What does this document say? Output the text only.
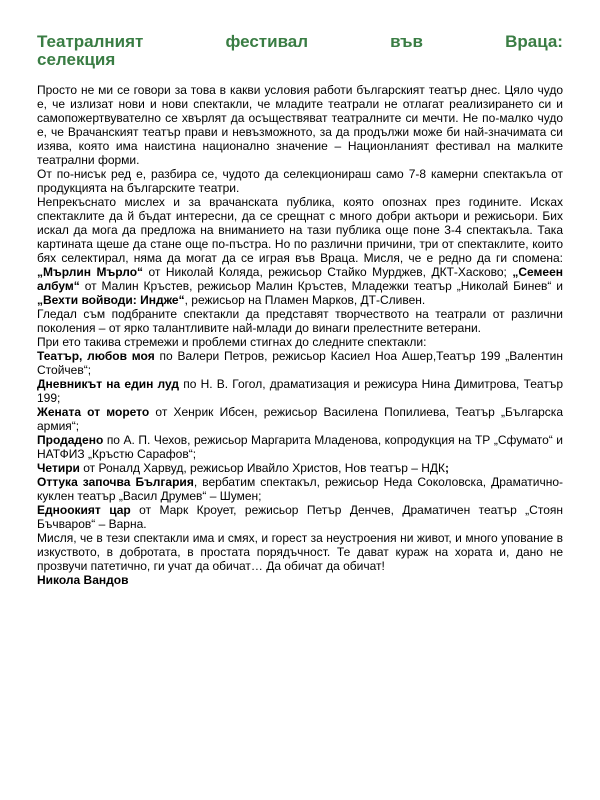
Театралният	фестивал	във	Враца:
селекция

Просто не ми се говори за това в какви условия работи българският театър днес. Цяло чудо е, че излизат нови и нови спектакли, че младите театрали не отлагат реализирането си и самопожертвувателно се хвърлят да осъществяват театралните си мечти. Не по-малко чудо е, че Врачанският театър прави и невъзможното, за да продължи може би най-значимата си изява, която има наистина национално значение – Национланият фестивал на малките театрални форми.

От по-нисък ред е, разбира се, чудото да селекционираш само 7-8 камерни спектакъла от продукцията на българските театри.

Непрекъснато мислех и за врачанската публика, която опознах през годините. Исках спектаклите да й бъдат интересни, да се срещнат с много добри актьори и режисьори. Бих искал да мога да предложа на вниманието на тази публика още поне 3-4 спектакъла. Така картината щеше да стане още по-пъстра. Но по различни причини, три от спектаклите, които бях селектирал, няма да могат да се играя във Враца. Мисля, че е редно да ги спомена: „Мърлин Мърло“ от Николай Коляда, режисьор Стайко Мурджев, ДКТ-Хасково; „Семеен албум“ от Малин Кръстев, режисьор Малин Кръстев, Младежки театър „Николай Бинев“ и „Вехти войводи: Индже“, режисьор на Пламен Марков, ДТ-Сливен.

Гледал съм подбраните спектакли да представят творчеството на театрали от различни поколения – от ярко талантливите най-млади до винаги прелестните ветерани.

При ето такива стремежи и проблеми стигнах до следните спектакли:

Театър, любов моя по Валери Петров, режисьор Касиел Ноа Ашер,Театър 199 „Валентин Стойчев“;

Дневникът на един луд по Н. В. Гогол, драматизация и режисура Нина Димитрова, Театър 199;

Жената от морето от Хенрик Ибсен, режисьор Василена Попилиева, Театър „Българска армия“;

Продадено по А. П. Чехов, режисьор Маргарита Младенова, копродукция на ТР „Сфумато“ и НАТФИЗ „Кръстю Сарафов“;

Четири от Роналд Харвуд, режисьор Ивайло Христов, Нов театър – НДК;

Оттука започва България, вербатим спектакъл, режисьор Неда Соколовска, Драматично-куклен театър „Васил Друмев“ – Шумен;

Едноокият цар от Марк Кроует, режисьор Петър Денчев, Драматичен театър „Стоян Бъчваров“ – Варна.

Мисля, че в тези спектакли има и смях, и горест за неустроения ни живот, и много упование в изкуството, в добротата, в простата порядъчност. Те дават кураж на хората и, дано не прозвучи патетично, ги учат да обичат… Да обичат да обичат!

Никола Вандов
